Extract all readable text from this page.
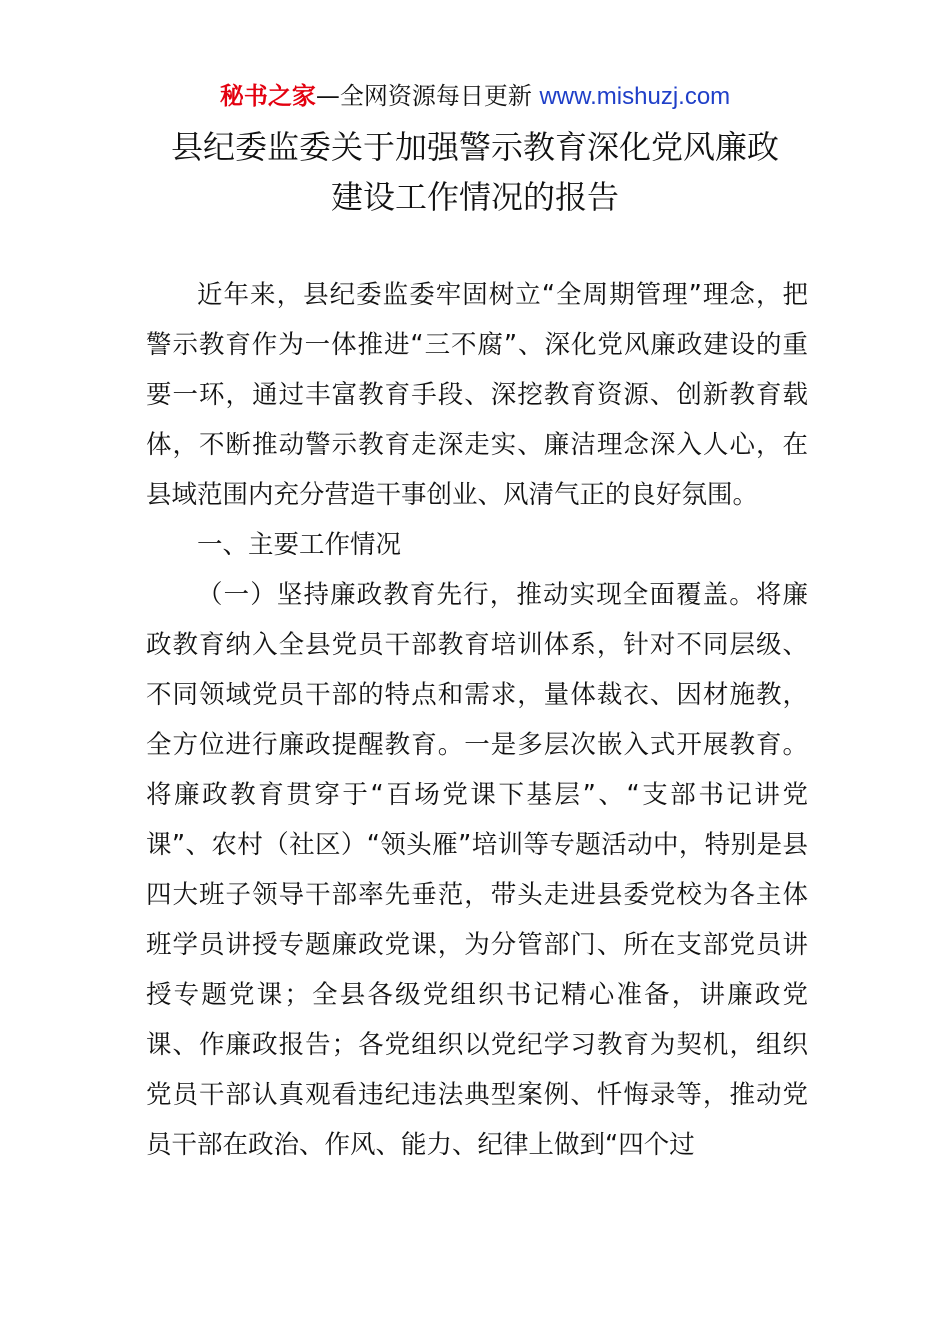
秘书之家—全网资源每日更新 www.mishuzj.com
县纪委监委关于加强警示教育深化党风廉政
建设工作情况的报告

近年来，县纪委监委牢固树立“全周期管理”理念，把警示教育作为一体推进“三不腐”、深化党风廉政建设的重要一环，通过丰富教育手段、深挖教育资源、创新教育载体，不断推动警示教育走深走实、廉洁理念深入人心，在县域范围内充分营造干事创业、风清气正的良好氛围。

一、主要工作情况

（一）坚持廉政教育先行，推动实现全面覆盖。将廉政教育纳入全县党员干部教育培训体系，针对不同层级、不同领域党员干部的特点和需求，量体裁衣、因材施教，全方位进行廉政提醒教育。一是多层次嵌入式开展教育。将廉政教育贯穿于“百场党课下基层”、“支部书记讲党课”、农村（社区）“领头雁”培训等专题活动中，特别是县四大班子领导干部率先垂范，带头走进县委党校为各主体班学员讲授专题廉政党课，为分管部门、所在支部党员讲授专题党课；全县各级党组织书记精心准备，讲廉政党课、作廉政报告；各党组织以党纪学习教育为契机，组织党员干部认真观看违纪违法典型案例、忏悔录等，推动党员干部在政治、作风、能力、纪律上做到“四个过
